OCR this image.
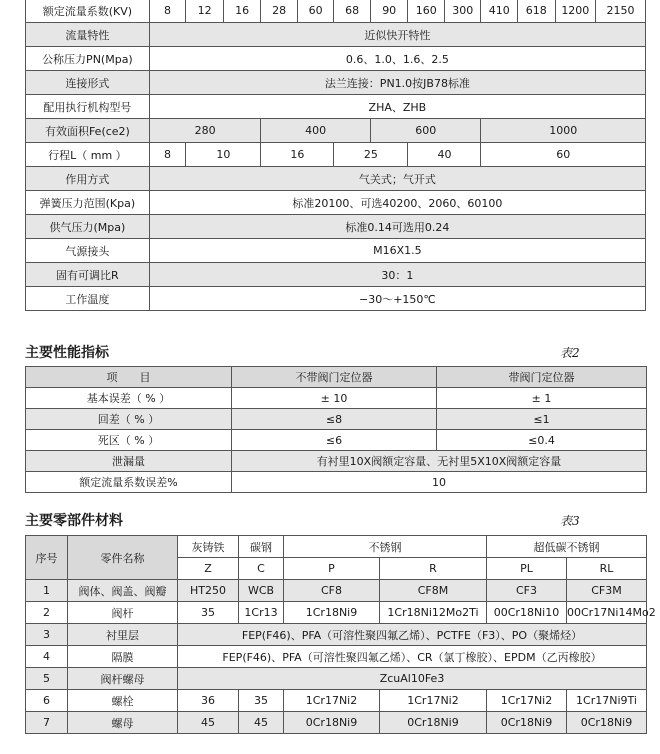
额定流量系数(KV)	8	12	16	28	60	68	90	160	300	410	618	1200	2150
流量特性	近似快开特性												
公称压力PN(Mpa)	0.6、1.0、1.6、2.5												
连接形式	法兰连接：PN1.0按JB78标准												
配用执行机构型号	ZHA、ZHB												
有效面积Fe(ce2)	280			400			600			1000			
行程L（ mm ）	8	10		16		25		40		60			
作用方式	气关式；气开式												
弹簧压力范围(Kpa)	标准20100、可选40200、2060、60100												
供气压力(Mpa)	标准0.14可选用0.24												
气源接头	M16X1.5												
固有可调比R	30：1												
工作温度	−30～+150℃												
主要性能指标	表2
项　　目	不带阀门定位器	带阀门定位器
基本误差（ % ）	± 10	± 1
回差（ % ）	≤8	≤1
死区（ % ）	≤6	≤0.4
泄漏量	有衬里10X阀额定容量、无衬里5X10X阀额定容量	
额定流量系数误差%	10	
主要零部件材料	表3
序号	零件名称	灰铸铁	碳钢	不锈钢		超低碳不锈钢	
		Z	C	P	R	PL	RL
1	阀体、阀盖、阀瓣	HT250	WCB	CF8	CF8M	CF3	CF3M
2	阀杆	35	1Cr13	1Cr18Ni9	1Cr18Ni12Mo2Ti	00Cr18Ni10	00Cr17Ni14Mo2
3	衬里层	FEP(F46)、PFA（可溶性聚四氟乙烯）、PCTFE（F3）、PO（聚烯烃）					
4	隔膜	FEP(F46)、PFA（可溶性聚四氟乙烯）、CR（氯丁橡胶）、EPDM（乙丙橡胶）					
5	阀杆螺母	ZcuAl10Fe3					
6	螺栓	36	35	1Cr17Ni2	1Cr17Ni2	1Cr17Ni2	1Cr17Ni9Ti
7	螺母	45	45	0Cr18Ni9	0Cr18Ni9	0Cr18Ni9	0Cr18Ni9
